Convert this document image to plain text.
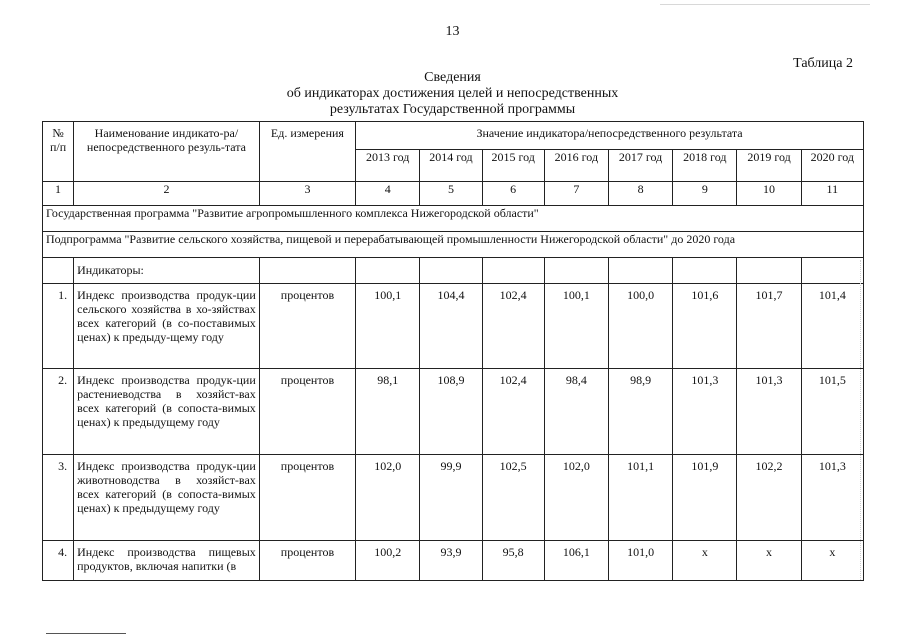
13
Таблица 2
Сведения
об индикаторах достижения целей и непосредственных
результатах Государственной программы
№ п/п	Наименование индикато-ра/непосредственного резуль-тата	Ед. измерения	Значение индикатора/непосредственного результата							
			2013 год	2014 год	2015 год	2016 год	2017 год	2018 год	2019 год	2020 год
1	2	3	4	5	6	7	8	9	10	11
Государственная программа "Развитие агропромышленного комплекса Нижегородской области"										
Подпрограмма "Развитие сельского хозяйства, пищевой и перерабатывающей промышленности Нижегородской области" до 2020 года										
	Индикаторы:									
1.	Индекс производства продук-ции сельского хозяйства в хо-зяйствах всех категорий (в со-поставимых ценах) к предыду-щему году	процентов	100,1	104,4	102,4	100,1	100,0	101,6	101,7	101,4
2.	Индекс производства продук-ции растениеводства в хозяйст-вах всех категорий (в сопоста-вимых ценах) к предыдущему году	процентов	98,1	108,9	102,4	98,4	98,9	101,3	101,3	101,5
3.	Индекс производства продук-ции животноводства в хозяйст-вах всех категорий (в сопоста-вимых ценах) к предыдущему году	процентов	102,0	99,9	102,5	102,0	101,1	101,9	102,2	101,3
4.	Индекс производства пищевых продуктов, включая напитки (в	процентов	100,2	93,9	95,8	106,1	101,0	x	x	x
